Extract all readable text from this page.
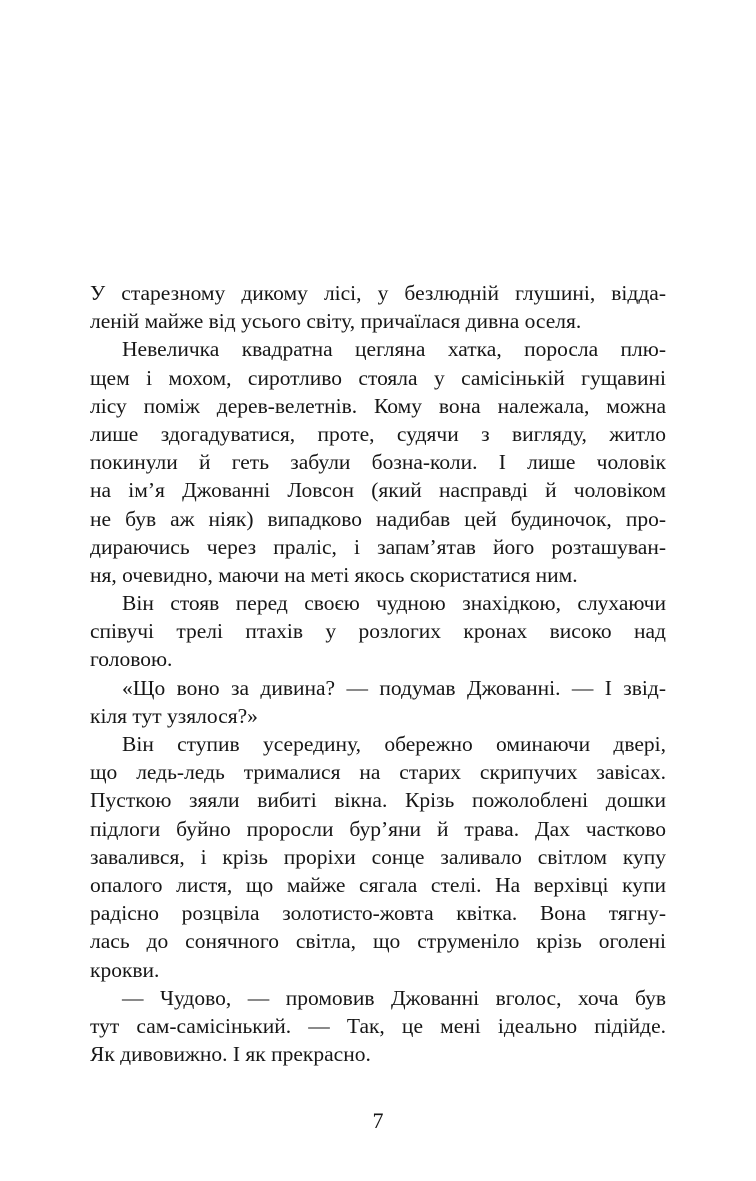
У старезному дикому лісі, у безлюдній глушині, відда-
леній майже від усього світу, причаїлася дивна оселя.
Невеличка квадратна цегляна хатка, поросла плю-
щем і мохом, сиротливо стояла у самісінькій гущавині
лісу поміж дерев-велетнів. Кому вона належала, можна
лише здогадуватися, проте, судячи з вигляду, житло
покинули й геть забули бозна-коли. І лише чоловік
на ім’я Джованні Ловсон (який насправді й чоловіком
не був аж ніяк) випадково надибав цей будиночок, про-
дираючись через праліс, і запам’ятав його розташуван-
ня, очевидно, маючи на меті якось скористатися ним.
Він стояв перед своєю чудною знахідкою, слухаючи
співучі трелі птахів у розлогих кронах високо над
головою.
«Що воно за дивина? — подумав Джованні. — І звід-
кіля тут узялося?»
Він ступив усередину, обережно оминаючи двері,
що ледь-ледь трималися на старих скрипучих завісах.
Пусткою зяяли вибиті вікна. Крізь пожолоблені дошки
підлоги буйно проросли бур’яни й трава. Дах частково
завалився, і крізь проріхи сонце заливало світлом купу
опалого листя, що майже сягала стелі. На верхівці купи
радісно розцвіла золотисто-жовта квітка. Вона тягну-
лась до сонячного світла, що струменіло крізь оголені
крокви.
— Чудово, — промовив Джованні вголос, хоча був
тут сам-самісінький. — Так, це мені ідеально підійде.
Як дивовижно. І як прекрасно.
7
